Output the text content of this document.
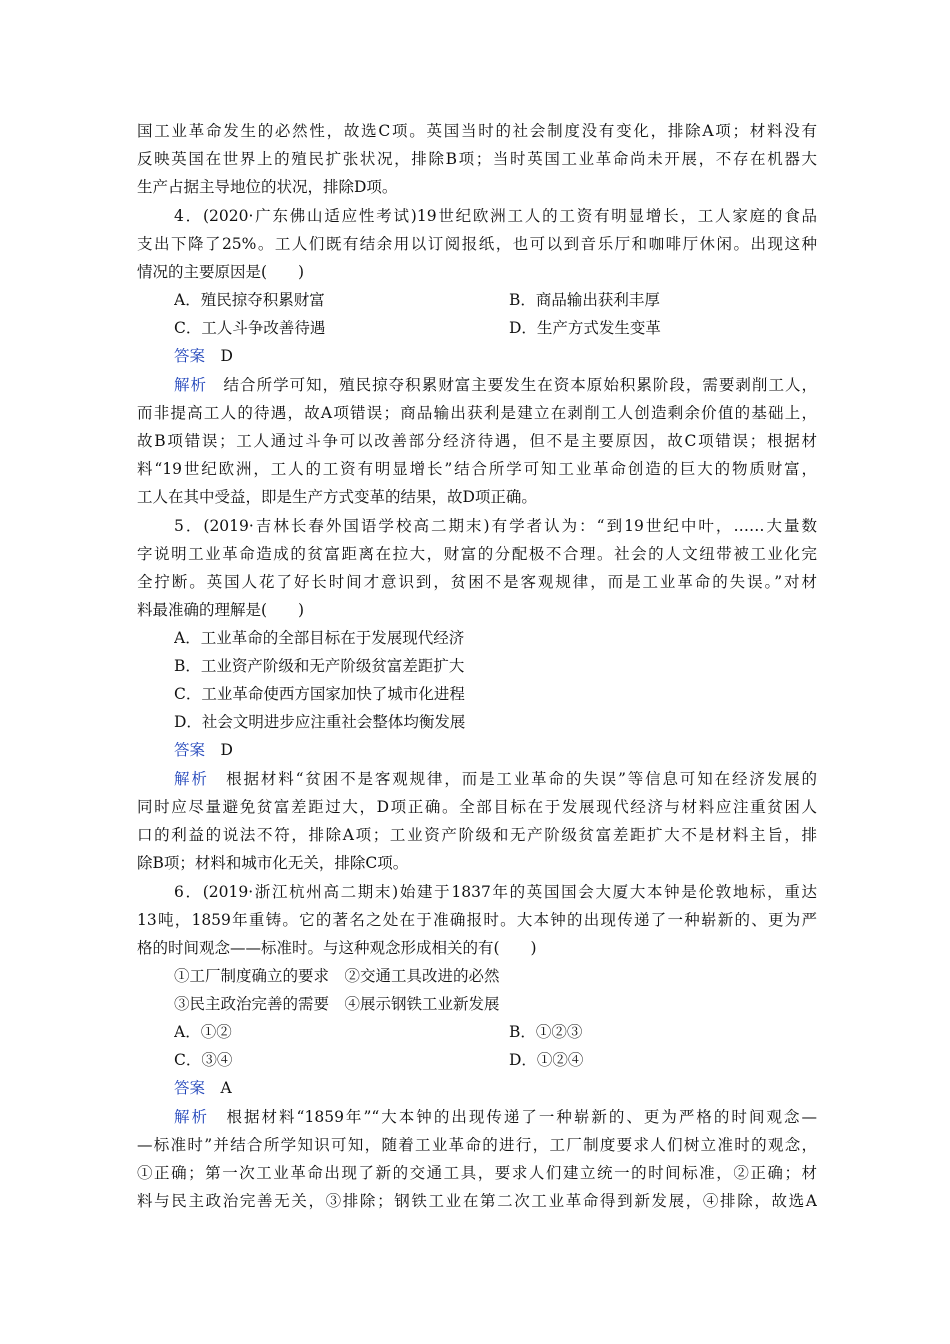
国工业革命发生的必然性，故选C项。英国当时的社会制度没有变化，排除A项；材料没有
反映英国在世界上的殖民扩张状况，排除B项；当时英国工业革命尚未开展，不存在机器大
生产占据主导地位的状况，排除D项。
4．(2020·广东佛山适应性考试)19世纪欧洲工人的工资有明显增长，工人家庭的食品
支出下降了25%。工人们既有结余用以订阅报纸，也可以到音乐厅和咖啡厅休闲。出现这种
情况的主要原因是(　　)
A．殖民掠夺积累财富	B．商品输出获利丰厚
C．工人斗争改善待遇	D．生产方式发生变革
答案　 D
解析　 结合所学可知，殖民掠夺积累财富主要发生在资本原始积累阶段，需要剥削工人，
而非提高工人的待遇，故A项错误；商品输出获利是建立在剥削工人创造剩余价值的基础上，
故B项错误；工人通过斗争可以改善部分经济待遇，但不是主要原因，故C项错误；根据材
料“19世纪欧洲，工人的工资有明显增长”结合所学可知工业革命创造的巨大的物质财富，
工人在其中受益，即是生产方式变革的结果，故D项正确。
5．(2019·吉林长春外国语学校高二期末)有学者认为：“到19世纪中叶，……大量数
字说明工业革命造成的贫富距离在拉大，财富的分配极不合理。社会的人文纽带被工业化完
全拧断。英国人花了好长时间才意识到，贫困不是客观规律，而是工业革命的失误。”对材
料最准确的理解是(　　)
A．工业革命的全部目标在于发展现代经济
B．工业资产阶级和无产阶级贫富差距扩大
C．工业革命使西方国家加快了城市化进程
D．社会文明进步应注重社会整体均衡发展
答案　 D
解析　 根据材料“贫困不是客观规律，而是工业革命的失误”等信息可知在经济发展的
同时应尽量避免贫富差距过大，D项正确。全部目标在于发展现代经济与材料应注重贫困人
口的利益的说法不符，排除A项；工业资产阶级和无产阶级贫富差距扩大不是材料主旨，排
除B项；材料和城市化无关，排除C项。
6．(2019·浙江杭州高二期末)始建于1837年的英国国会大厦大本钟是伦敦地标，重达
13吨，1859年重铸。它的著名之处在于准确报时。大本钟的出现传递了一种崭新的、更为严
格的时间观念——标准时。与这种观念形成相关的有(　　)
①工厂制度确立的要求　②交通工具改进的必然
③民主政治完善的需要　④展示钢铁工业新发展
A．①②	B．①②③
C．③④	D．①②④
答案　 A
解析　 根据材料“1859年”“大本钟的出现传递了一种崭新的、更为严格的时间观念—
—标准时”并结合所学知识可知，随着工业革命的进行，工厂制度要求人们树立准时的观念，
①正确；第一次工业革命出现了新的交通工具，要求人们建立统一的时间标准，②正确；材
料与民主政治完善无关，③排除；钢铁工业在第二次工业革命得到新发展，④排除，故选A
